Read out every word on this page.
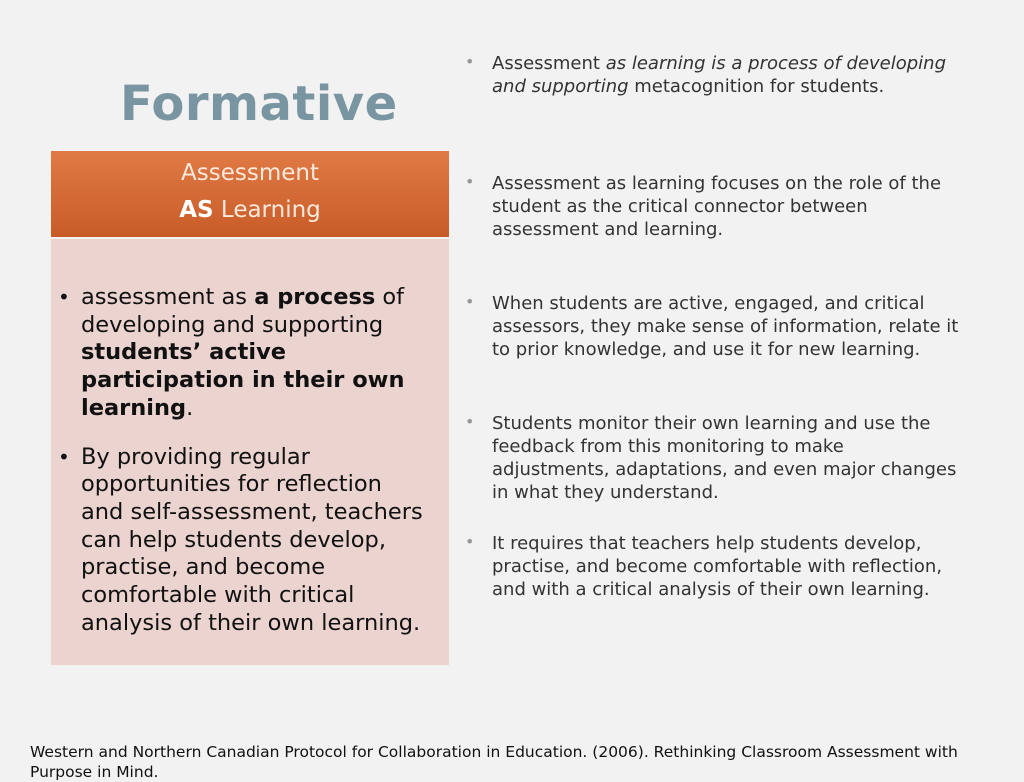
Formative
Assessment
AS Learning
• assessment as a process of developing and supporting students’ active participation in their own learning.
• By providing regular opportunities for reflection and self-assessment, teachers can help students develop, practise, and become comfortable with critical analysis of their own learning.
• Assessment as learning is a process of developing and supporting metacognition for students.
• Assessment as learning focuses on the role of the student as the critical connector between assessment and learning.
• When students are active, engaged, and critical assessors, they make sense of information, relate it to prior knowledge, and use it for new learning.
• Students monitor their own learning and use the feedback from this monitoring to make adjustments, adaptations, and even major changes in what they understand.
• It requires that teachers help students develop, practise, and become comfortable with reflection, and with a critical analysis of their own learning.
Western and Northern Canadian Protocol for Collaboration in Education. (2006). Rethinking Classroom Assessment with Purpose in Mind.
